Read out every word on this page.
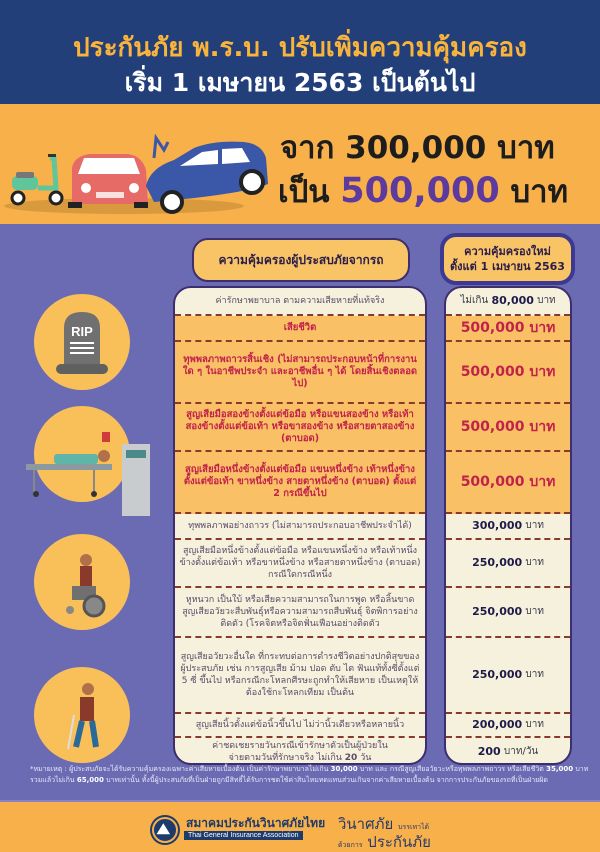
ประกันภัย พ.ร.บ. ปรับเพิ่มความคุ้มครอง
เริ่ม 1 เมษายน 2563 เป็นต้นไป
จาก 300,000 บาท
เป็น 500,000 บาท
RIP
ความคุ้มครองผู้ประสบภัยจากรถ
ความคุ้มครองใหม่
ตั้งแต่ 1 เมษายน 2563
ค่ารักษาพยาบาล ตามความเสียหายที่แท้จริง
เสียชีวิต
ทุพพลภาพถาวรสิ้นเชิง (ไม่สามารถประกอบหน้าที่การงานใด ๆ ในอาชีพประจำ และอาชีพอื่น ๆ ได้ โดยสิ้นเชิงตลอดไป)
สูญเสียมือสองข้างตั้งแต่ข้อมือ หรือแขนสองข้าง หรือเท้าสองข้างตั้งแต่ข้อเท้า หรือขาสองข้าง หรือสายตาสองข้าง (ตาบอด)
สูญเสียมือหนึ่งข้างตั้งแต่ข้อมือ แขนหนึ่งข้าง เท้าหนึ่งข้างตั้งแต่ข้อเท้า ขาหนึ่งข้าง สายตาหนึ่งข้าง (ตาบอด) ตั้งแต่ 2 กรณีขึ้นไป
ทุพพลภาพอย่างถาวร (ไม่สามารถประกอบอาชีพประจำได้)
สูญเสียมือหนึ่งข้างตั้งแต่ข้อมือ หรือแขนหนึ่งข้าง หรือเท้าหนึ่งข้างตั้งแต่ข้อเท้า หรือขาหนึ่งข้าง หรือสายตาหนึ่งข้าง (ตาบอด) กรณีใดกรณีหนึ่ง
หูหนวก เป็นใบ้ หรือเสียความสามารถในการพูด หรือลิ้นขาด สูญเสียอวัยวะสืบพันธุ์หรือความสามารถสืบพันธุ์ จิตพิการอย่างติดตัว (โรคจิตหรือจิตฟั่นเฟือนอย่างติดตัว
สูญเสียอวัยวะอื่นใด ที่กระทบต่อการดำรงชีวิตอย่างปกติสุขของผู้ประสบภัย เช่น การสูญเสีย ม้าม ปอด ตับ ไต ฟันแท้ทั้งซี่ตั้งแต่ 5 ซี่ ขึ้นไป หรือกรณีกะโหลกศีรษะถูกทำให้เสียหาย เป็นเหตุให้ต้องใช้กะโหลกเทียม เป็นต้น
สูญเสียนิ้วตั้งแต่ข้อนิ้วขึ้นไป ไม่ว่านิ้วเดียวหรือหลายนิ้ว
ค่าชดเชยรายวันกรณีเข้ารักษาตัวเป็นผู้ป่วยใน
จ่ายตามวันที่รักษาจริง ไม่เกิน 20 วัน
ไม่เกิน
80,000
บาท
500,000
บาท
500,000
บาท
500,000
บาท
500,000
บาท
300,000
บาท
250,000
บาท
250,000
บาท
250,000
บาท
200,000
บาท
200
บาท/วัน
*หมายเหตุ : ผู้ประสบภัยจะได้รับความคุ้มครองเฉพาะค่าเสียหายเบื้องต้น เป็นค่ารักษาพยาบาลไม่เกิน 30,000 บาท และ กรณีสูญเสียอวัยวะหรือทุพพลภาพถาวร หรือเสียชีวิต 35,000 บาท รวมแล้วไม่เกิน 65,000 บาทเท่านั้น ทั้งนี้ผู้ประสบภัยที่เป็นฝ่ายถูกมีสิทธิ์ได้รับการชดใช้ค่าสินไหมทดแทนส่วนเกินจากค่าเสียหายเบื้องต้น จากการประกันภัยของรถที่เป็นฝ่ายผิด
สมาคมประกันวินาศภัยไทย
Thai General Insurance Association
วินาศภัย บรรเทาได้
ด้วยการ ประกันภัย
